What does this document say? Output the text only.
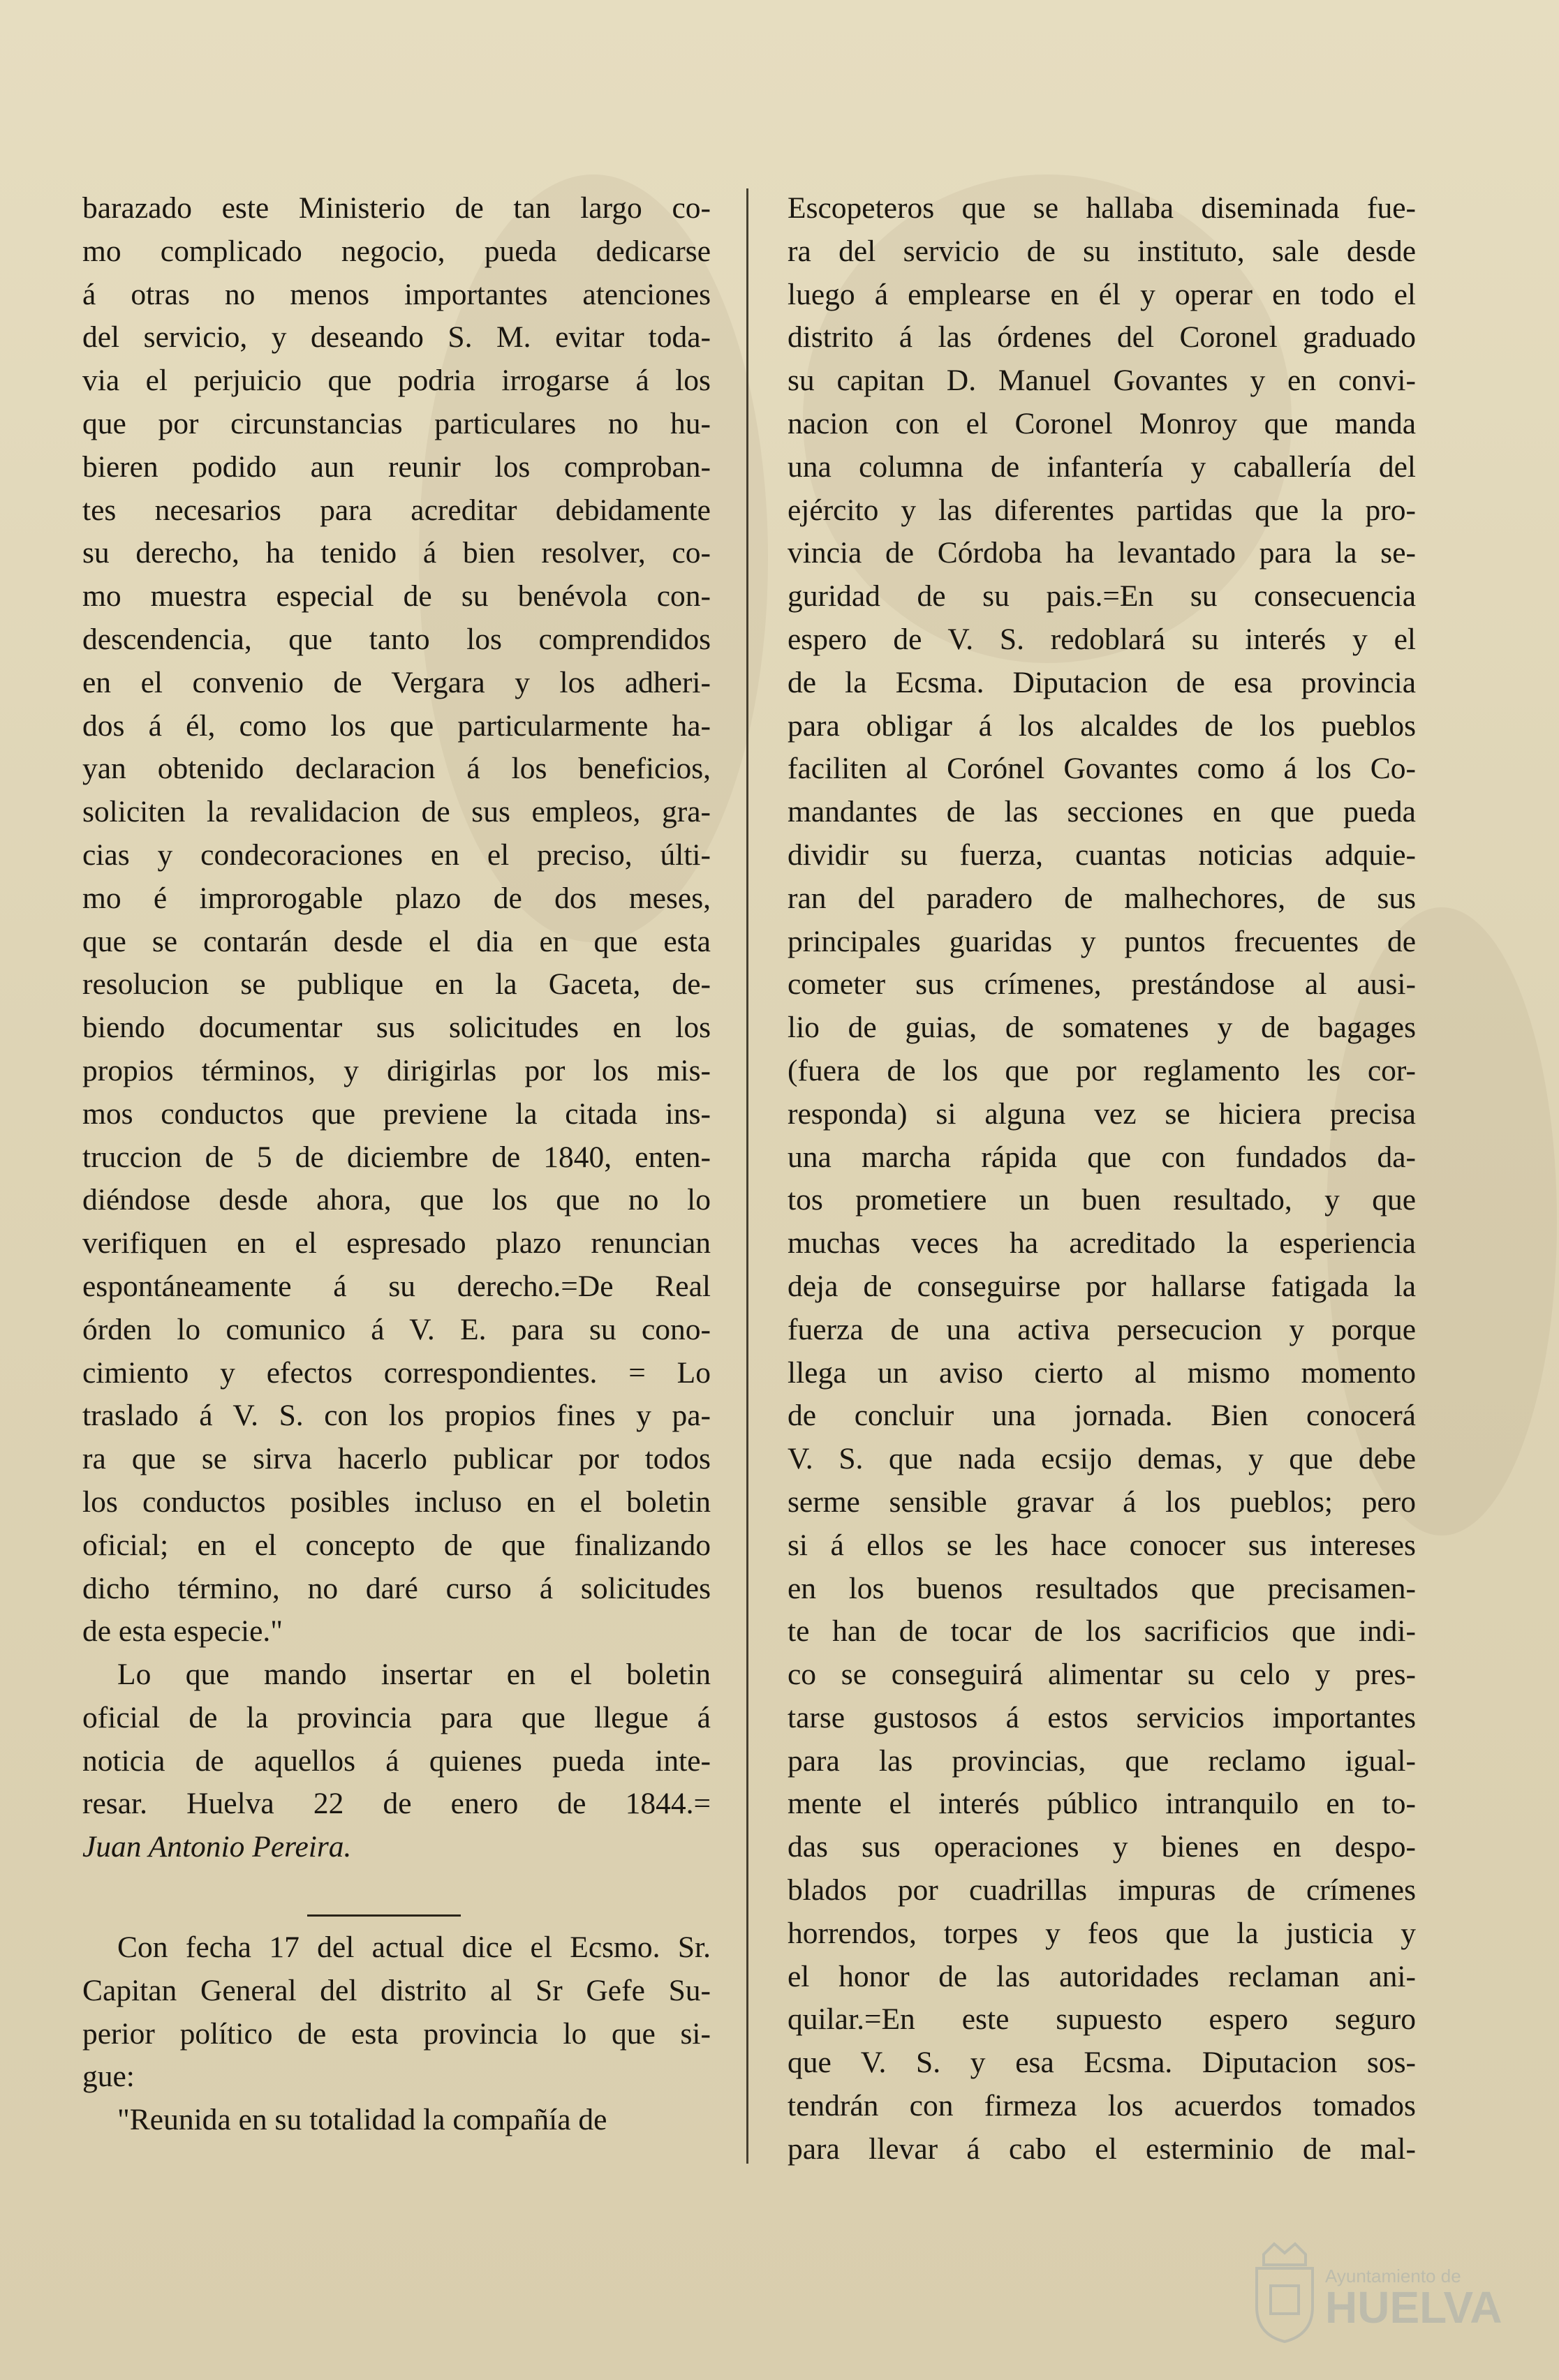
barazado este Ministerio de tan largo co-
mo complicado negocio, pueda dedicarse
á otras no menos importantes atenciones
del servicio, y deseando S. M. evitar toda-
via el perjuicio que podria irrogarse á los
que por circunstancias particulares no hu-
bieren podido aun reunir los comproban-
tes necesarios para acreditar debidamente
su derecho, ha tenido á bien resolver, co-
mo muestra especial de su benévola con-
descendencia, que tanto los comprendidos
en el convenio de Vergara y los adheri-
dos á él, como los que particularmente ha-
yan obtenido declaracion á los beneficios,
soliciten la revalidacion de sus empleos, gra-
cias y condecoraciones en el preciso, últi-
mo é improrogable plazo de dos meses,
que se contarán desde el dia en que esta
resolucion se publique en la Gaceta, de-
biendo documentar sus solicitudes en los
propios términos, y dirigirlas por los mis-
mos conductos que previene la citada ins-
truccion de 5 de diciembre de 1840, enten-
diéndose desde ahora, que los que no lo
verifiquen en el espresado plazo renuncian
espontáneamente á su derecho.=De Real
órden lo comunico á V. E. para su cono-
cimiento y efectos correspondientes. = Lo
traslado á V. S. con los propios fines y pa-
ra que se sirva hacerlo publicar por todos
los conductos posibles incluso en el boletin
oficial; en el concepto de que finalizando
dicho término, no daré curso á solicitudes
de esta especie."
Lo que mando insertar en el boletin
oficial de la provincia para que llegue á
noticia de aquellos á quienes pueda inte-
resar. Huelva 22 de enero de 1844.=
Juan Antonio Pereira.
Con fecha 17 del actual dice el Ecsmo. Sr.
Capitan General del distrito al Sr Gefe Su-
perior político de esta provincia lo que si-
gue:
"Reunida en su totalidad la compañía de
Escopeteros que se hallaba diseminada fue-
ra del servicio de su instituto, sale desde
luego á emplearse en él y operar en todo el
distrito á las órdenes del Coronel graduado
su capitan D. Manuel Govantes y en convi-
nacion con el Coronel Monroy que manda
una columna de infantería y caballería del
ejército y las diferentes partidas que la pro-
vincia de Córdoba ha levantado para la se-
guridad de su pais.=En su consecuencia
espero de V. S. redoblará su interés y el
de la Ecsma. Diputacion de esa provincia
para obligar á los alcaldes de los pueblos
faciliten al Corónel Govantes como á los Co-
mandantes de las secciones en que pueda
dividir su fuerza, cuantas noticias adquie-
ran del paradero de malhechores, de sus
principales guaridas y puntos frecuentes de
cometer sus crímenes, prestándose al ausi-
lio de guias, de somatenes y de bagages
(fuera de los que por reglamento les cor-
responda) si alguna vez se hiciera precisa
una marcha rápida que con fundados da-
tos prometiere un buen resultado, y que
muchas veces ha acreditado la esperiencia
deja de conseguirse por hallarse fatigada la
fuerza de una activa persecucion y porque
llega un aviso cierto al mismo momento
de concluir una jornada. Bien conocerá
V. S. que nada ecsijo demas, y que debe
serme sensible gravar á los pueblos; pero
si á ellos se les hace conocer sus intereses
en los buenos resultados que precisamen-
te han de tocar de los sacrificios que indi-
co se conseguirá alimentar su celo y pres-
tarse gustosos á estos servicios importantes
para las provincias, que reclamo igual-
mente el interés público intranquilo en to-
das sus operaciones y bienes en despo-
blados por cuadrillas impuras de crímenes
horrendos, torpes y feos que la justicia y
el honor de las autoridades reclaman ani-
quilar.=En este supuesto espero seguro
que V. S. y esa Ecsma. Diputacion sos-
tendrán con firmeza los acuerdos tomados
para llevar á cabo el esterminio de mal-
Ayuntamiento de
HUELVA
